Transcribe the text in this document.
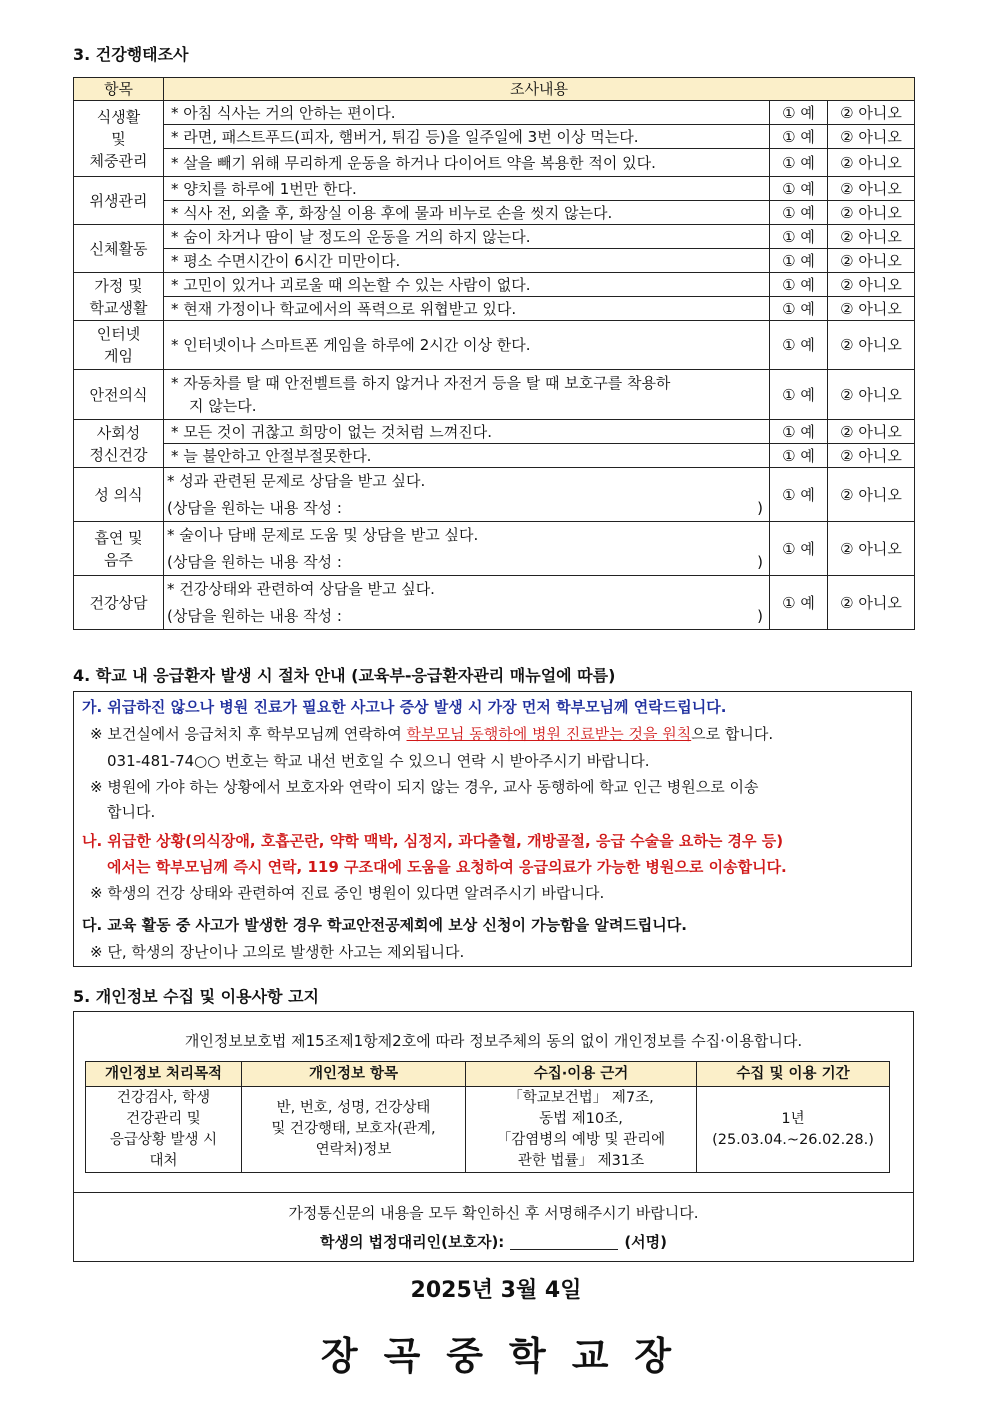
3. 건강행태조사
항목	조사내용		
식생활
및
체중관리	* 아침 식사는 거의 안하는 편이다.	① 예	② 아니오
	* 라면, 패스트푸드(피자, 햄버거, 튀김 등)을 일주일에 3번 이상 먹는다.	① 예	② 아니오
	* 살을 빼기 위해 무리하게 운동을 하거나 다이어트 약을 복용한 적이 있다.	① 예	② 아니오
위생관리	* 양치를 하루에 1번만 한다.	① 예	② 아니오
	* 식사 전, 외출 후, 화장실 이용 후에 물과 비누로 손을 씻지 않는다.	① 예	② 아니오
신체활동	* 숨이 차거나 땀이 날 정도의 운동을 거의 하지 않는다.	① 예	② 아니오
	* 평소 수면시간이 6시간 미만이다.	① 예	② 아니오
가정 및
학교생활	* 고민이 있거나 괴로울 때 의논할 수 있는 사람이 없다.	① 예	② 아니오
	* 현재 가정이나 학교에서의 폭력으로 위협받고 있다.	① 예	② 아니오
인터넷
게임	* 인터넷이나 스마트폰 게임을 하루에 2시간 이상 한다.	① 예	② 아니오
안전의식	* 자동차를 탈 때 안전벨트를 하지 않거나 자전거 등을 탈 때 보호구를 착용하
지 않는다.	① 예	② 아니오
사회성
정신건강	* 모든 것이 귀찮고 희망이 없는 것처럼 느껴진다.	① 예	② 아니오
	* 늘 불안하고 안절부절못한다.	① 예	② 아니오
성 의식	* 성과 관련된 문제로 상담을 받고 싶다.
(상담을 원하는 내용 작성 : )	① 예	② 아니오
흡연 및
음주	* 술이나 담배 문제로 도움 및 상담을 받고 싶다.
(상담을 원하는 내용 작성 : )	① 예	② 아니오
건강상담	* 건강상태와 관련하여 상담을 받고 싶다.
(상담을 원하는 내용 작성 : )	① 예	② 아니오
4. 학교 내 응급환자 발생 시 절차 안내 (교육부-응급환자관리 매뉴얼에 따름)

가. 위급하진 않으나 병원 진료가 필요한 사고나 증상 발생 시 가장 먼저 학부모님께 연락드립니다.

※ 보건실에서 응급처치 후 학부모님께 연락하여 학부모님 동행하에 병원 진료받는 것을 원칙으로 합니다.

031-481-74○○ 번호는 학교 내선 번호일 수 있으니 연락 시 받아주시기 바랍니다.

※ 병원에 가야 하는 상황에서 보호자와 연락이 되지 않는 경우, 교사 동행하에 학교 인근 병원으로 이송

합니다.

나. 위급한 상황(의식장애, 호흡곤란, 약학 맥박, 심정지, 과다출혈, 개방골절, 응급 수술을 요하는 경우 등)

에서는 학부모님께 즉시 연락, 119 구조대에 도움을 요청하여 응급의료가 가능한 병원으로 이송합니다.

※ 학생의 건강 상태와 관련하여 진료 중인 병원이 있다면 알려주시기 바랍니다.

다. 교육 활동 중 사고가 발생한 경우 학교안전공제회에 보상 신청이 가능함을 알려드립니다.

※ 단, 학생의 장난이나 고의로 발생한 사고는 제외됩니다.

5. 개인정보 수집 및 이용사항 고지
개인정보보호법 제15조제1항제2호에 따라 정보주체의 동의 없이 개인정보를 수집·이용합니다.
개인정보 처리목적	개인정보 항목	수집·이용 근거	수집 및 이용 기간
건강검사, 학생
건강관리 및
응급상황 발생 시
대처	반, 번호, 성명, 건강상태
및 건강행태, 보호자(관계,
연락처)정보	「학교보건법」 제7조,
동법 제10조,
「감염병의 예방 및 관리에
관한 법률」 제31조	1년
(25.03.04.~26.02.28.)
가정통신문의 내용을 모두 확인하신 후 서명해주시기 바랍니다.
학생의 법정대리인(보호자):	(서명)
2025년 3월 4일
장곡중학교장
